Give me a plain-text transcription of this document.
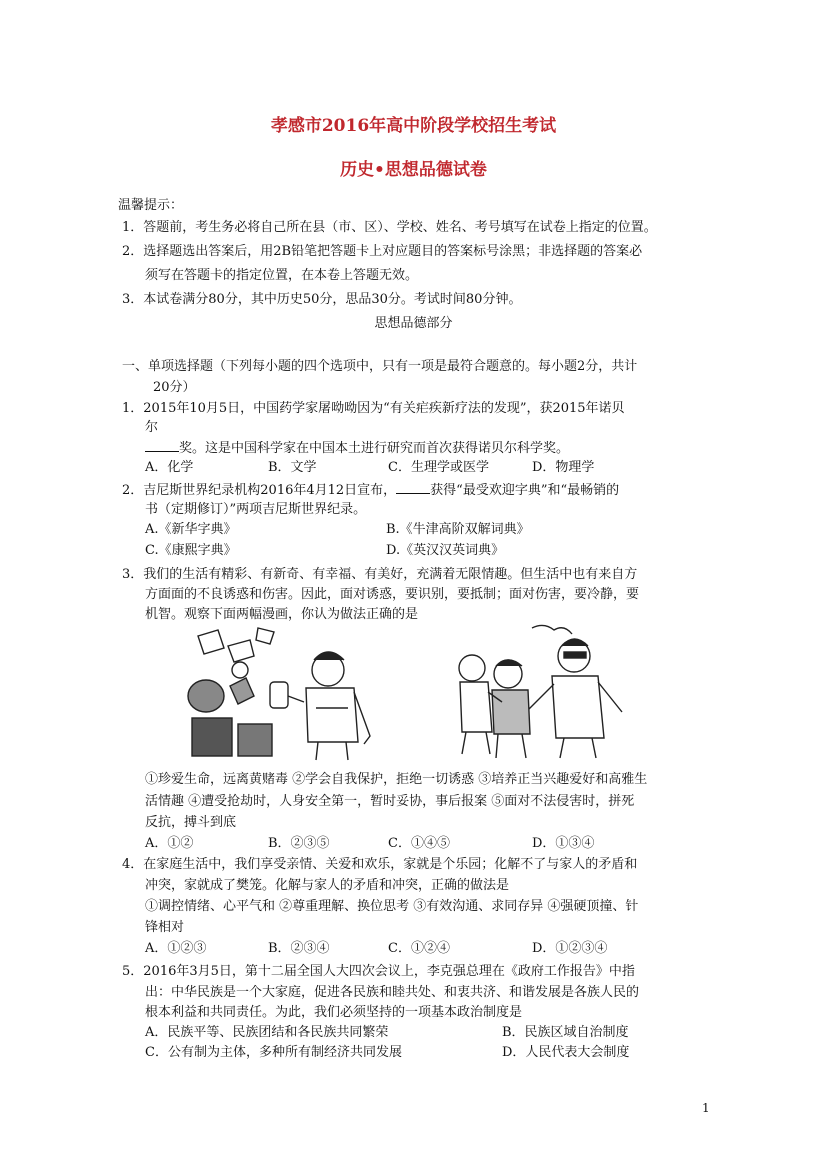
孝感市2016年高中阶段学校招生考试
历史•思想品德试卷
温馨提示：
1．答题前，考生务必将自己所在县（市、区）、学校、姓名、考号填写在试卷上指定的位置。
2．选择题选出答案后，用2B铅笔把答题卡上对应题目的答案标号涂黑；非选择题的答案必
须写在答题卡的指定位置，在本卷上答题无效。
3．本试卷满分80分，其中历史50分，思品30分。考试时间80分钟。
思想品德部分
一、单项选择题（下列每小题的四个选项中，只有一项是最符合题意的。每小题2分，共计
20分）
1．2015年10月5日，中国药学家屠呦呦因为“有关疟疾新疗法的发现”，获2015年诺贝
尔
奖。这是中国科学家在中国本土进行研究而首次获得诺贝尔科学奖。
A．化学	B．文学	C．生理学或医学	D．物理学
2．吉尼斯世界纪录机构2016年4月12日宣布，	获得“最受欢迎字典”和“最畅销的
书（定期修订）”两项吉尼斯世界纪录。
A.《新华字典》	B.《牛津高阶双解词典》
C.《康熙字典》	D.《英汉汉英词典》
3．我们的生活有精彩、有新奇、有幸福、有美好，充满着无限情趣。但生活中也有来自方
方面面的不良诱惑和伤害。因此，面对诱惑，要识别，要抵制；面对伤害，要冷静，要
机智。观察下面两幅漫画，你认为做法正确的是
①珍爱生命，远离黄赌毒 ②学会自我保护，拒绝一切诱惑 ③培养正当兴趣爱好和高雅生
活情趣 ④遭受抢劫时，人身安全第一，暂时妥协，事后报案 ⑤面对不法侵害时，拼死
反抗，搏斗到底
A．①②	B．②③⑤	C．①④⑤	D．①③④
4．在家庭生活中，我们享受亲情、关爱和欢乐，家就是个乐园；化解不了与家人的矛盾和
冲突，家就成了樊笼。化解与家人的矛盾和冲突，正确的做法是
①调控情绪、心平气和 ②尊重理解、换位思考 ③有效沟通、求同存异 ④强硬顶撞、针
锋相对
A．①②③	B．②③④	C．①②④	D．①②③④
5．2016年3月5日，第十二届全国人大四次会议上，李克强总理在《政府工作报告》中指
出：中华民族是一个大家庭，促进各民族和睦共处、和衷共济、和谐发展是各族人民的
根本利益和共同责任。为此，我们必须坚持的一项基本政治制度是
A．民族平等、民族团结和各民族共同繁荣	B．民族区域自治制度
C．公有制为主体，多种所有制经济共同发展	D．人民代表大会制度
1
